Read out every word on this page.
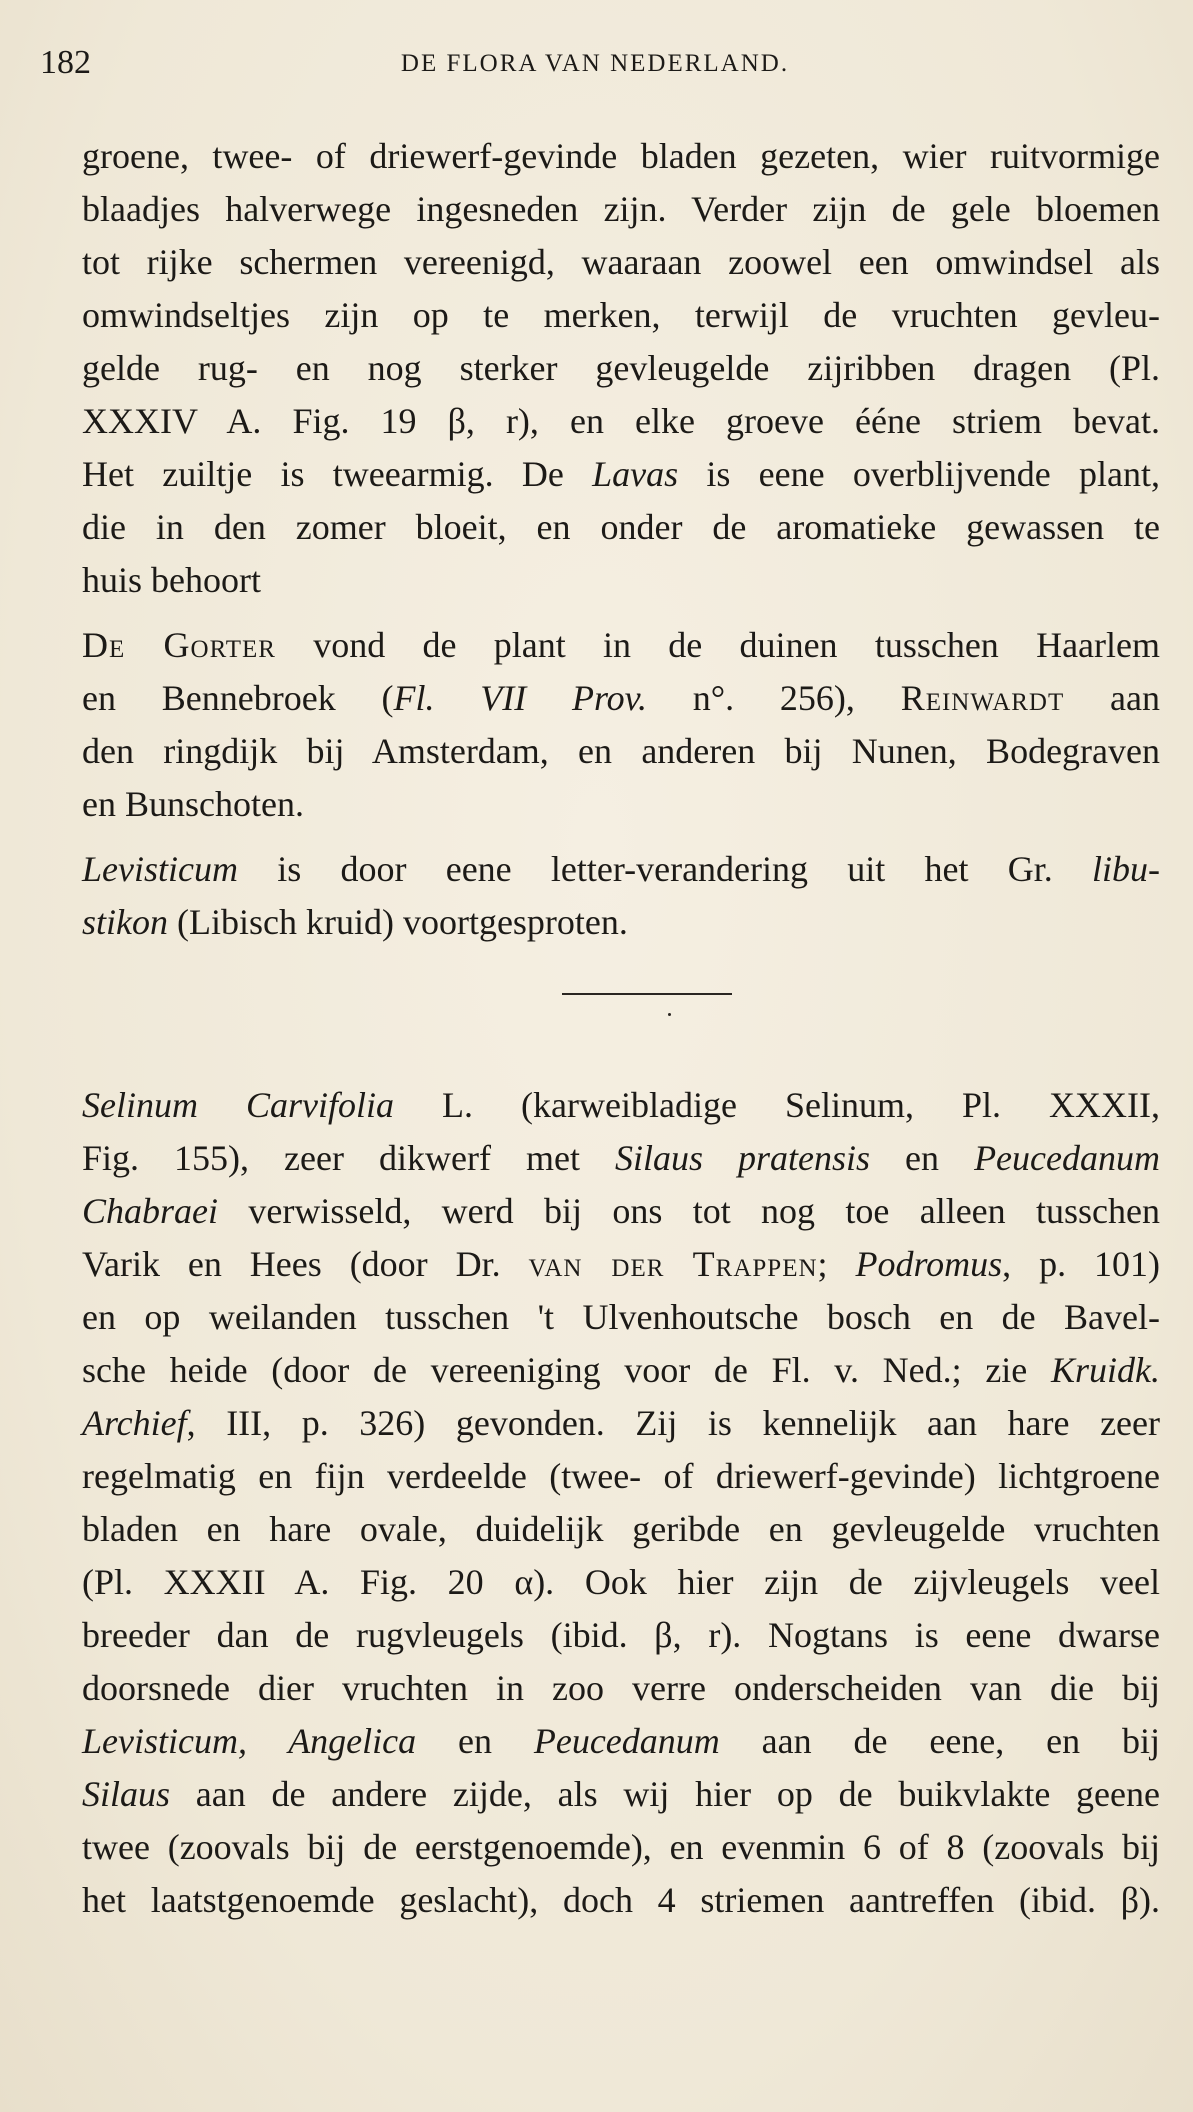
182	DE FLORA VAN NEDERLAND.
groene, twee- of driewerf-gevinde bladen gezeten, wier ruitvormige
blaadjes halverwege ingesneden zijn. Verder zijn de gele bloemen
tot rijke schermen vereenigd, waaraan zoowel een omwindsel als
omwindseltjes zijn op te merken, terwijl de vruchten gevleu-
gelde rug- en nog sterker gevleugelde zijribben dragen (Pl.
XXXIV A. Fig. 19 β, r), en elke groeve ééne striem bevat.
Het zuiltje is tweearmig. De Lavas is eene overblijvende plant,
die in den zomer bloeit, en onder de aromatieke gewassen te
huis behoort
De Gorter vond de plant in de duinen tusschen Haarlem
en Bennebroek (Fl. VII Prov. n°. 256), Reinwardt aan
den ringdijk bij Amsterdam, en anderen bij Nunen, Bodegraven
en Bunschoten.
Levisticum is door eene letter-verandering uit het Gr. libu-
stikon (Libisch kruid) voortgesproten.
Selinum Carvifolia L. (karweibladige Selinum, Pl. XXXII,
Fig. 155), zeer dikwerf met Silaus pratensis en Peucedanum
Chabraei verwisseld, werd bij ons tot nog toe alleen tusschen
Varik en Hees (door Dr. van der Trappen; Podromus, p. 101)
en op weilanden tusschen 't Ulvenhoutsche bosch en de Bavel-
sche heide (door de vereeniging voor de Fl. v. Ned.; zie Kruidk.
Archief, III, p. 326) gevonden. Zij is kennelijk aan hare zeer
regelmatig en fijn verdeelde (twee- of driewerf-gevinde) lichtgroene
bladen en hare ovale, duidelijk geribde en gevleugelde vruchten
(Pl. XXXII A. Fig. 20 α). Ook hier zijn de zijvleugels veel
breeder dan de rugvleugels (ibid. β, r). Nogtans is eene dwarse
doorsnede dier vruchten in zoo verre onderscheiden van die bij
Levisticum, Angelica en Peucedanum aan de eene, en bij
Silaus aan de andere zijde, als wij hier op de buikvlakte geene
twee (zoovals bij de eerstgenoemde), en evenmin 6 of 8 (zoovals bij
het laatstgenoemde geslacht), doch 4 striemen aantreffen (ibid. β).
